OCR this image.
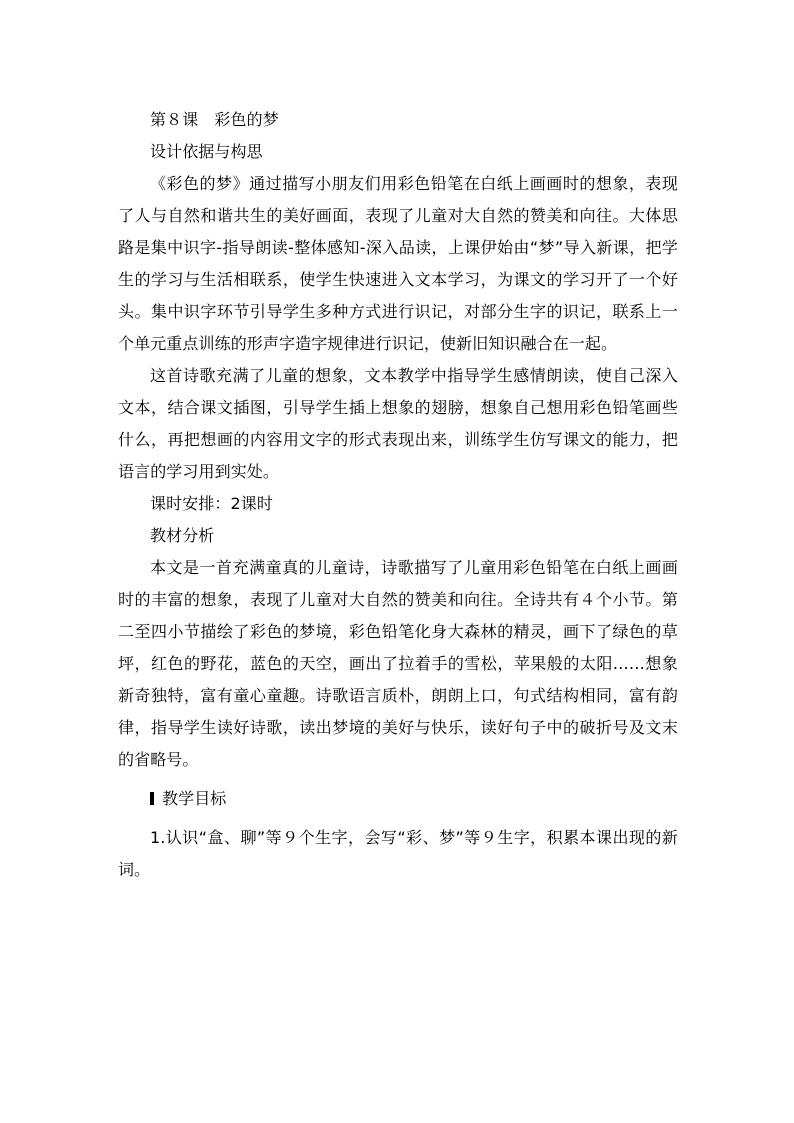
第８课　彩色的梦

设计依据与构思

《彩色的梦》通过描写小朋友们用彩色铅笔在白纸上画画时的想象，表现了人与自然和谐共生的美好画面，表现了儿童对大自然的赞美和向往。大体思路是集中识字-指导朗读-整体感知-深入品读，上课伊始由“梦”导入新课，把学生的学习与生活相联系，使学生快速进入文本学习，为课文的学习开了一个好头。集中识字环节引导学生多种方式进行识记，对部分生字的识记，联系上一个单元重点训练的形声字造字规律进行识记，使新旧知识融合在一起。

这首诗歌充满了儿童的想象，文本教学中指导学生感情朗读，使自己深入文本，结合课文插图，引导学生插上想象的翅膀，想象自己想用彩色铅笔画些什么，再把想画的内容用文字的形式表现出来，训练学生仿写课文的能力，把语言的学习用到实处。

课时安排：2课时

教材分析

本文是一首充满童真的儿童诗，诗歌描写了儿童用彩色铅笔在白纸上画画时的丰富的想象，表现了儿童对大自然的赞美和向往。全诗共有４个小节。第二至四小节描绘了彩色的梦境，彩色铅笔化身大森林的精灵，画下了绿色的草坪，红色的野花，蓝色的天空，画出了拉着手的雪松，苹果般的太阳……想象新奇独特，富有童心童趣。诗歌语言质朴，朗朗上口，句式结构相同，富有韵律，指导学生读好诗歌，读出梦境的美好与快乐，读好句子中的破折号及文末的省略号。

教学目标

1.认识“盒、聊”等９个生字，会写“彩、梦”等９生字，积累本课出现的新词。
